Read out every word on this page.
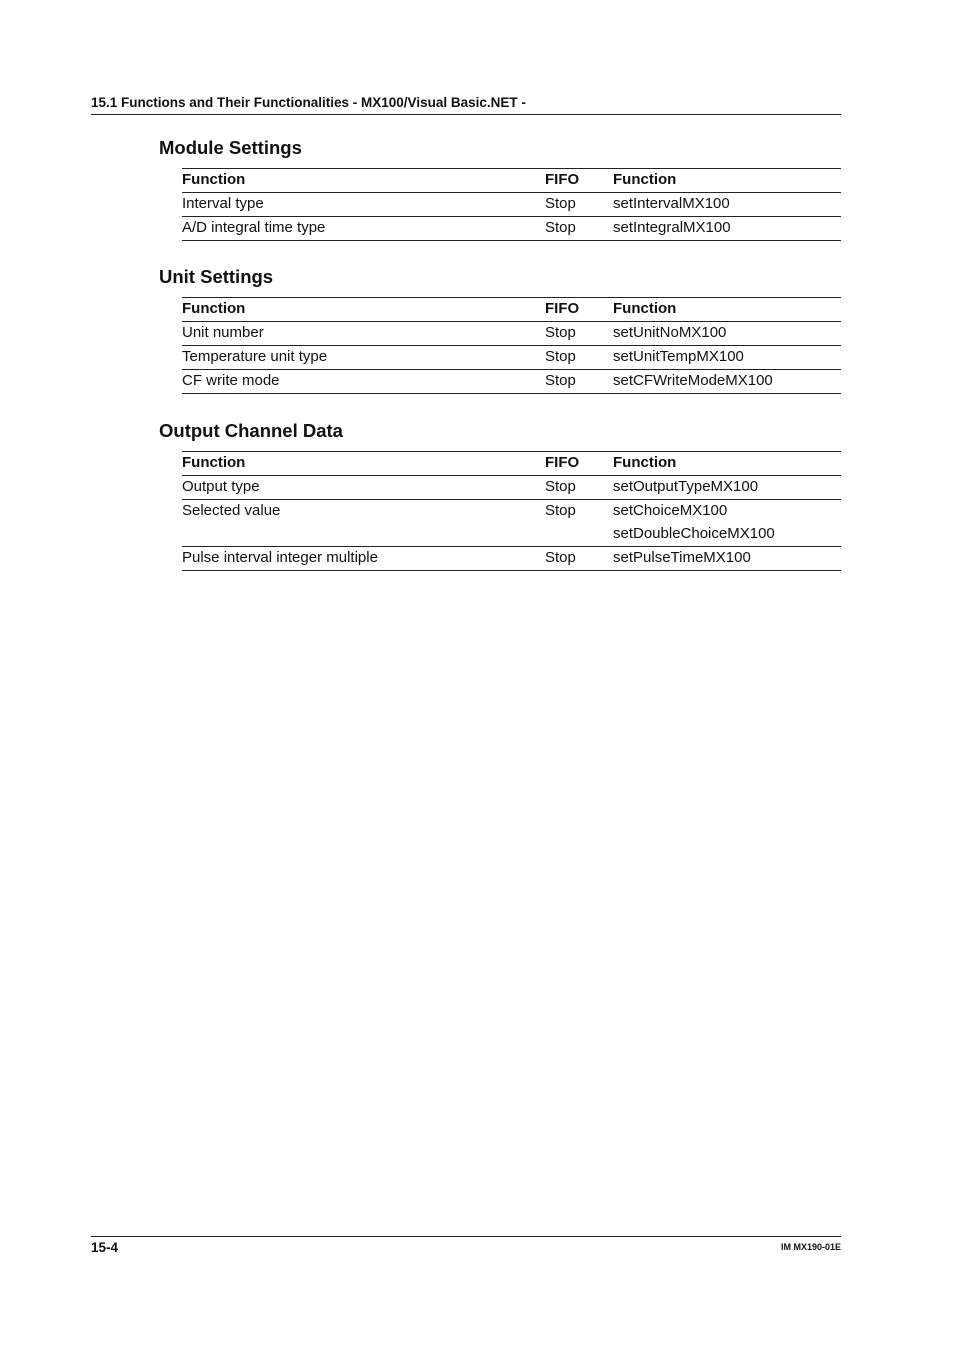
15.1 Functions and Their Functionalities - MX100/Visual Basic.NET -
Module Settings
Function	FIFO	Function
Interval type	Stop	setIntervalMX100
A/D integral time type	Stop	setIntegralMX100
Unit Settings
Function	FIFO	Function
Unit number	Stop	setUnitNoMX100
Temperature unit type	Stop	setUnitTempMX100
CF write mode	Stop	setCFWriteModeMX100
Output Channel Data
Function	FIFO	Function
Output type	Stop	setOutputTypeMX100
Selected value	Stop	setChoiceMX100
		setDoubleChoiceMX100
Pulse interval integer multiple	Stop	setPulseTimeMX100
15-4	IM MX190-01E
